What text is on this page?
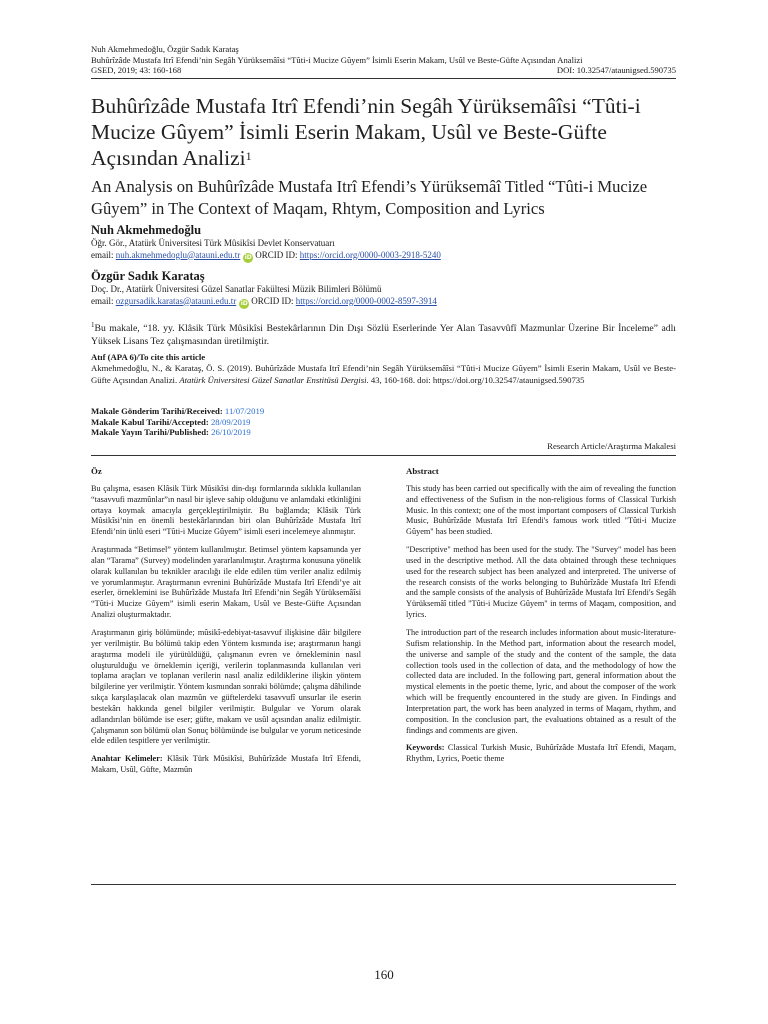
Nuh Akmehmedoğlu, Özgür Sadık Karataş
Buhûrîzâde Mustafa Itrî Efendi’nin Segâh Yürüksemâîsi “Tûti-i Mucize Gûyem” İsimli Eserin Makam, Usûl ve Beste-Güfte Açısından Analizi
GSED, 2019; 43: 160-168	DOI: 10.32547/ataunigsed.590735
Buhûrîzâde Mustafa Itrî Efendi’nin Segâh Yürüksemâîsi “Tûti-i Mucize Gûyem” İsimli Eserin Makam, Usûl ve Beste-Güfte Açısından Analizi$^1$
An Analysis on Buhûrîzâde Mustafa Itrî Efendi’s Yürüksemâî Titled “Tûti-i Mucize Gûyem” in The Context of Maqam, Rhtym, Composition and Lyrics
Nuh Akmehmedoğlu
Öğr. Gör., Atatürk Üniversitesi Türk Mûsikîsi Devlet Konservatuarı
email: nuh.akmehmedoglu@atauni.edu.tr iD ORCID ID: https://orcid.org/0000-0003-2918-5240
Özgür Sadık Karataş
Doç. Dr., Atatürk Üniversitesi Güzel Sanatlar Fakültesi Müzik Bilimleri Bölümü
email: ozgursadik.karatas@atauni.edu.tr iD ORCID ID: https://orcid.org/0000-0002-8597-3914
$^1$Bu makale, “18. yy. Klâsik Türk Mûsikîsi Bestekârlarının Din Dışı Sözlü Eserlerinde Yer Alan Tasavvûfî Mazmunlar Üzerine Bir İnceleme” adlı Yüksek Lisans Tez çalışmasından üretilmiştir.
Atıf (APA 6)/To cite this article
Akmehmedoğlu, N., & Karataş, Ö. S. (2019). Buhûrîzâde Mustafa Itrî Efendi’nin Segâh Yürüksemâîsi “Tûti-i Mucize Gûyem” İsimli Eserin Makam, Usûl ve Beste-Güfte Açısından Analizi. Atatürk Üniversitesi Güzel Sanatlar Enstitüsü Dergisi. 43, 160-168. doi: https://doi.org/10.32547/ataunigsed.590735
Makale Gönderim Tarihi/Received: 11/07/2019
Makale Kabul Tarihi/Accepted: 28/09/2019
Makale Yayın Tarihi/Published: 26/10/2019
Research Article/Araştırma Makalesi
Öz

Bu çalışma, esasen Klâsik Türk Mûsikîsi din-dışı formlarında sıklıkla kullanılan “tasavvufi mazmûnlar”ın nasıl bir işleve sahip olduğunu ve anlamdaki etkinliğini ortaya koymak amacıyla gerçekleştirilmiştir. Bu bağlamda; Klâsik Türk Mûsikîsi’nin en önemli bestekârlarından biri olan Buhûrîzâde Mustafa Itrî Efendi’nin ünlü eseri “Tûti-i Mucize Gûyem” isimli eseri incelemeye alınmıştır.

Araştırmada “Betimsel” yöntem kullanılmıştır. Betimsel yöntem kapsamında yer alan “Tarama” (Survey) modelinden yararlanılmıştır. Araştırma konusuna yönelik olarak kullanılan bu teknikler aracılığı ile elde edilen tüm veriler analiz edilmiş ve yorumlanmıştır. Araştırmanın evrenini Buhûrîzâde Mustafa Itrî Efendi’ye ait eserler, örneklemini ise Buhûrîzâde Mustafa Itrî Efendi’nin Segâh Yürüksemâîsi “Tûti-i Mucize Gûyem” isimli eserin Makam, Usûl ve Beste-Güfte Açısından Analizi oluşturmaktadır.

Araştırmanın giriş bölümünde; mûsikî-edebiyat-tasavvuf ilişkisine dâir bilgilere yer verilmiştir. Bu bölümü takip eden Yöntem kısmında ise; araştırmanın hangi araştırma modeli ile yürütüldüğü, çalışmanın evren ve örnekleminin nasıl oluşturulduğu ve örneklemin içeriği, verilerin toplanmasında kullanılan veri toplama araçları ve toplanan verilerin nasıl analiz edildiklerine ilişkin yöntem bilgilerine yer verilmiştir. Yöntem kısmından sonraki bölümde; çalışma dâhilinde sıkça karşılaşılacak olan mazmûn ve güftelerdeki tasavvufî unsurlar ile eserin bestekârı hakkında genel bilgiler verilmiştir. Bulgular ve Yorum olarak adlandırılan bölümde ise eser; güfte, makam ve usûl açısından analiz edilmiştir. Çalışmanın son bölümü olan Sonuç bölümünde ise bulgular ve yorum neticesinde elde edilen tespitlere yer verilmiştir.

Anahtar Kelimeler: Klâsik Türk Mûsikîsi, Buhûrîzâde Mustafa Itrî Efendi, Makam, Usûl, Güfte, Mazmûn

Abstract

This study has been carried out specifically with the aim of revealing the function and effectiveness of the Sufism in the non-religious forms of Classical Turkish Music. In this context; one of the most important composers of Classical Turkish Music, Buhûrîzâde Mustafa Itrî Efendi's famous work titled "Tûti-i Mucize Gûyem" has been studied.

"Descriptive" method has been used for the study. The "Survey" model has been used in the descriptive method. All the data obtained through these techniques used for the research subject has been analyzed and interpreted. The universe of the research consists of the works belonging to Buhûrîzâde Mustafa Itrî Efendi and the sample consists of the analysis of Buhûrîzâde Mustafa Itrî Efendi's Segâh Yürüksemâî titled "Tûti-i Mucize Gûyem" in terms of Maqam, composition, and lyrics.

The introduction part of the research includes information about music-literature-Sufism relationship. In the Method part, information about the research model, the universe and sample of the study and the content of the sample, the data collection tools used in the collection of data, and the methodology of how the collected data are included. In the following part, general information about the mystical elements in the poetic theme, lyric, and about the composer of the work which will be frequently encountered in the study are given. In Findings and Interpretation part, the work has been analyzed in terms of Maqam, rhythm, and composition. In the conclusion part, the evaluations obtained as a result of the findings and comments are given.

Keywords: Classical Turkish Music, Buhûrîzâde Mustafa Itrî Efendi, Maqam, Rhythm, Lyrics, Poetic theme

160
